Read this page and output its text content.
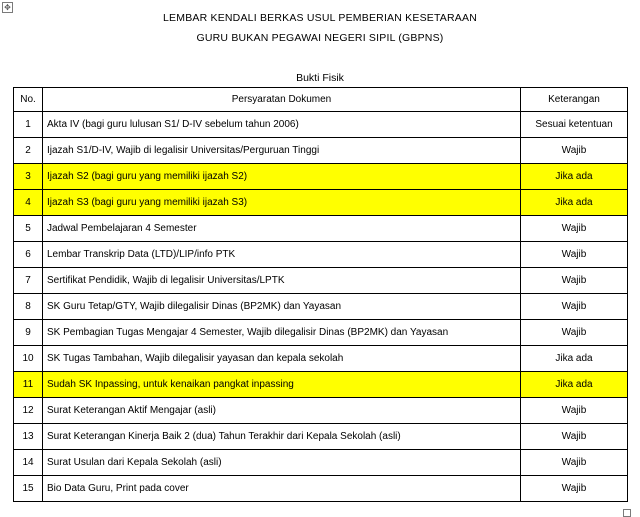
✥
LEMBAR KENDALI BERKAS USUL PEMBERIAN KESETARAAN
GURU BUKAN PEGAWAI NEGERI SIPIL (GBPNS)
Bukti Fisik
No.	Persyaratan Dokumen	Keterangan
1	Akta IV (bagi guru lulusan S1/ D-IV sebelum tahun 2006)	Sesuai ketentuan
2	Ijazah S1/D-IV, Wajib di legalisir Universitas/Perguruan Tinggi	Wajib
3	Ijazah S2 (bagi guru yang memiliki ijazah S2)	Jika ada
4	Ijazah S3 (bagi guru yang memiliki ijazah S3)	Jika ada
5	Jadwal Pembelajaran 4 Semester	Wajib
6	Lembar Transkrip Data (LTD)/LIP/info PTK	Wajib
7	Sertifikat Pendidik, Wajib di legalisir Universitas/LPTK	Wajib
8	SK Guru Tetap/GTY, Wajib dilegalisir Dinas (BP2MK) dan Yayasan	Wajib
9	SK Pembagian Tugas Mengajar 4 Semester, Wajib dilegalisir Dinas (BP2MK) dan Yayasan	Wajib
10	SK Tugas Tambahan, Wajib dilegalisir yayasan dan kepala sekolah	Jika ada
11	Sudah SK Inpassing, untuk kenaikan pangkat inpassing	Jika ada
12	Surat Keterangan Aktif Mengajar (asli)	Wajib
13	Surat Keterangan Kinerja Baik 2 (dua) Tahun Terakhir dari Kepala Sekolah (asli)	Wajib
14	Surat Usulan dari Kepala Sekolah (asli)	Wajib
15	Bio Data Guru, Print pada cover	Wajib
